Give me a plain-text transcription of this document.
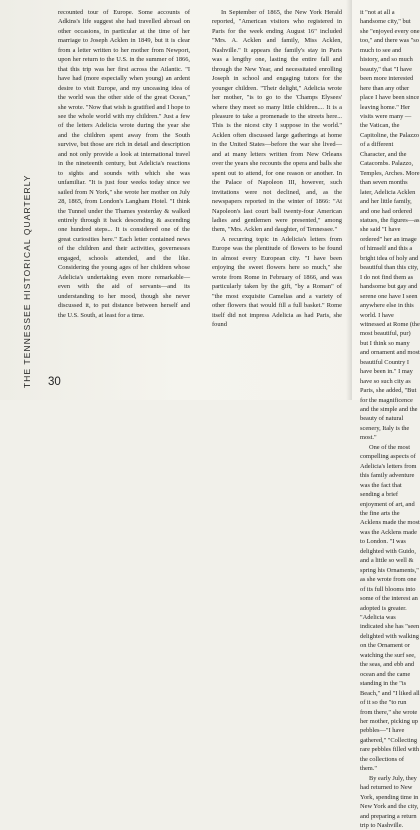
THE TENNESSEE HISTORICAL QUARTERLY

recounted tour of Europe. Some accounts of Adkins's life suggest she had travelled abroad on other occasions, in particular at the time of her marriage to Joseph Acklen in 1849, but it is clear from a letter written to her mother from Newport, upon her return to the U.S. in the summer of 1866, that this trip was her first across the Atlantic. "I have had (more especially when young) an ardent desire to visit Europe, and my unceasing idea of the world was the other side of the great Ocean," she wrote. "Now that wish is gratified and I hope to see the whole world with my children." Just a few of the letters Adelicia wrote during the year she and the children spent away from the South survive, but those are rich in detail and description and not only provide a look at international travel in the nineteenth century, but Adelicia's reactions to sights and sounds with which she was unfamiliar. "It is just four weeks today since we sailed from N York," she wrote her mother on July 28, 1865, from London's Langham Hotel. "I think the Tunnel under the Thames yesterday & walked entirely through it back descending & ascending one hundred steps... It is considered one of the great curiosities here." Each letter contained news of the children and their activities, governesses engaged, schools attended, and the like. Considering the young ages of her children whose Adelicia's undertaking even more remarkable—even with the aid of servants—and its understanding to her mood, though she never discussed it, to put distance between herself and the U.S. South, at least for a time.

In September of 1865, the New York Herald reported, "American visitors who registered in Paris for the week ending August 16" included "Mrs. A. Acklen and family, Miss Acklen, Nashville." It appears the family's stay in Paris was a lengthy one, lasting the entire fall and through the New Year, and necessitated enrolling Joseph in school and engaging tutors for the younger children. "Their delight," Adelicia wrote her mother, "is to go to the 'Champs Elysees' where they meet so many little children.... It is a pleasure to take a promenade to the streets here... This is the nicest city I suppose in the world." Acklen often discussed large gatherings at home in the United States—before the war she lived—and at many letters written from New Orleans over the years she recounts the opera and balls she spent out to attend, for one reason or another. In the Palace of Napoleon III, however, such invitations were not declined, and, as the newspapers reported in the winter of 1866: "At Napoleon's last court ball twenty-four American ladies and gentlemen were presented," among them, "Mrs. Acklen and daughter, of Tennessee."

A recurring topic in Adelicia's letters from Europe was the plentitude of flowers to be found in almost every European city. "I have been enjoying the sweet flowers here so much," she wrote from Rome in February of 1866, and was particularly taken by the gift, "by a Roman" of "the most exquisite Camelias and a variety of other flowers that would fill a full basket." Rome itself did not impress Adelicia as had Paris, she found

it "not at all a handsome city," but she "enjoyed every one too," and there was "so much to see and history, and so much beauty," that "I have been more interested here than any other place I have been since leaving home." Her visits were many — the Vatican, the Capitoline, the Palazzo of a different Character, and the Catacombs. Palazzo, Temples, Arches. More than seven months later, Adelicia Acklen and her little family, and one had ordered statues, the figures—as she said "I have ordered" her an image of himself and this a bright idea of holy and beautiful than this city, I do not find them as handsome but gay and serene one have I seen anywhere else in this world. I have witnessed at Rome (the most beautiful, pur) but I think so many and ornament and most beautiful Country I have been in." I may have so such city as Paris, she added, "But for the magnificence and the simple and the beauty of natural scenery, Italy is the most."

One of the most compelling aspects of Adelicia's letters from this family adventure was the fact that sending a brief enjoyment of art, and the fine arts the Acklens made the most was the Acklens made to London. "I was delighted with Guido, and a little so well & spring his Ornaments," as she wrote from one of its full blooms into some of the interest an adopted is greater. "Adelicia was indicated she has "seen delighted with walking on the Ornament or watching the surf see, the seas, and ebb and ocean and the came standing in the "is Beach," and "I liked all of it so the "to run from there," she wrote her mother, picking up pebbles—"I have gathered," "Collecting rare pebbles filled with the collections of them."

By early July, they had returned to New York, spending time in New York and the city, and preparing a return trip to Nashville.

30
